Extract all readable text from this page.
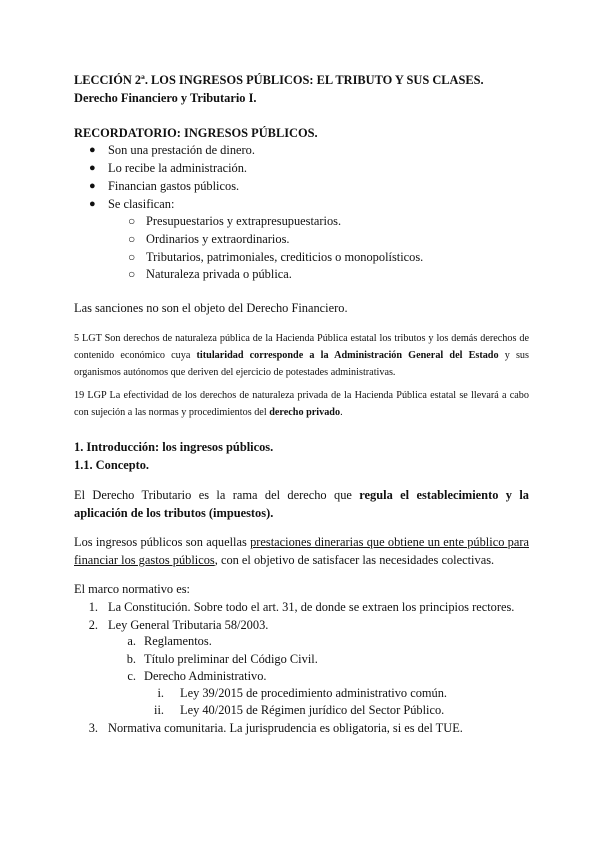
LECCIÓN 2ª. LOS INGRESOS PÚBLICOS: EL TRIBUTO Y SUS CLASES.

Derecho Financiero y Tributario I.

RECORDATORIO: INGRESOS PÚBLICOS.

● Son una prestación de dinero.

● Lo recibe la administración.

● Financian gastos públicos.

● Se clasifican:

○ Presupuestarios y extrapresupuestarios.

○ Ordinarios y extraordinarios.

○ Tributarios, patrimoniales, crediticios o monopolísticos.

○ Naturaleza privada o pública.

Las sanciones no son el objeto del Derecho Financiero.

5 LGT Son derechos de naturaleza pública de la Hacienda Pública estatal los tributos y los demás derechos de contenido económico cuya titularidad corresponde a la Administración General del Estado y sus organismos autónomos que deriven del ejercicio de potestades administrativas.

19 LGP La efectividad de los derechos de naturaleza privada de la Hacienda Pública estatal se llevará a cabo con sujeción a las normas y procedimientos del derecho privado.

1. Introducción: los ingresos públicos.

1.1. Concepto.

El Derecho Tributario es la rama del derecho que regula el establecimiento y la aplicación de los tributos (impuestos).

Los ingresos públicos son aquellas prestaciones dinerarias que obtiene un ente público para financiar los gastos públicos, con el objetivo de satisfacer las necesidades colectivas.

El marco normativo es:

1. La Constitución. Sobre todo el art. 31, de donde se extraen los principios rectores.

2. Ley General Tributaria 58/2003.

a. Reglamentos.

b. Título preliminar del Código Civil.

c. Derecho Administrativo.

i. Ley 39/2015 de procedimiento administrativo común.

ii. Ley 40/2015 de Régimen jurídico del Sector Público.

3. Normativa comunitaria. La jurisprudencia es obligatoria, si es del TUE.
